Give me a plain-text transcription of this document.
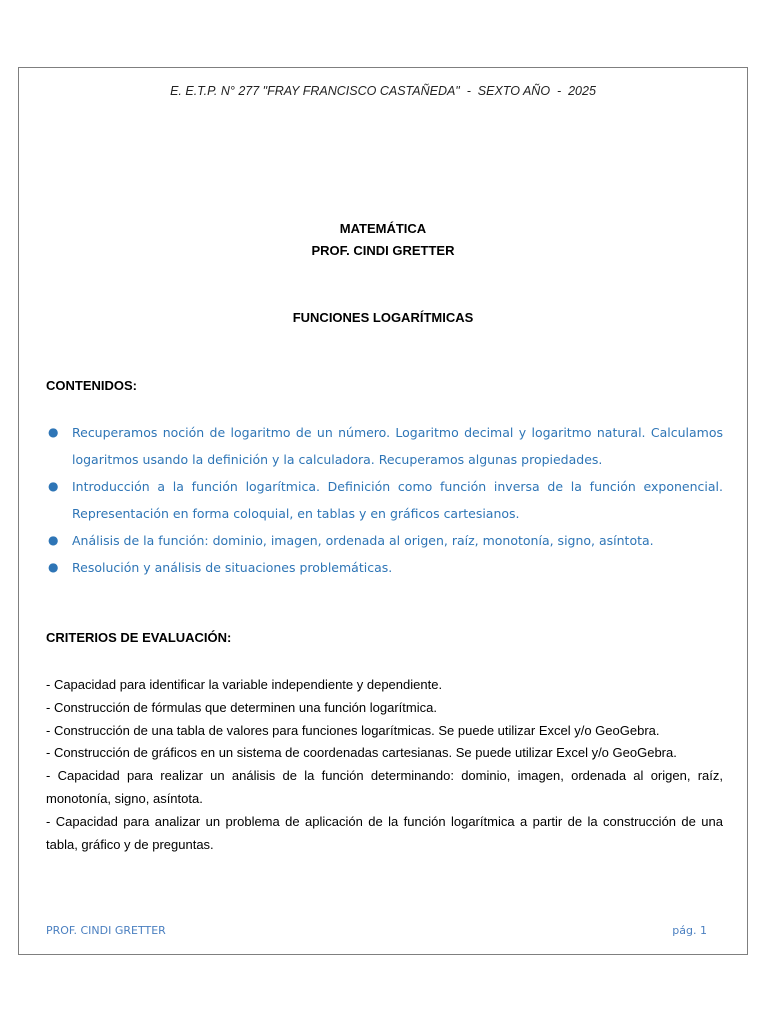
E. E.T.P. N° 277 "FRAY FRANCISCO CASTAÑEDA"  -  SEXTO AÑO  -  2025
MATEMÁTICA
PROF. CINDI GRETTER
FUNCIONES LOGARÍTMICAS
CONTENIDOS:
● Recuperamos noción de logaritmo de un número. Logaritmo decimal y logaritmo natural. Calculamos logaritmos usando la definición y la calculadora. Recuperamos algunas propiedades.
● Introducción a la función logarítmica. Definición como función inversa de la función exponencial. Representación en forma coloquial, en tablas y en gráficos cartesianos.
● Análisis de la función: dominio, imagen, ordenada al origen, raíz, monotonía, signo, asíntota.
● Resolución y análisis de situaciones problemáticas.
CRITERIOS DE EVALUACIÓN:
- Capacidad para identificar la variable independiente y dependiente.
- Construcción de fórmulas que determinen una función logarítmica.
- Construcción de una tabla de valores para funciones logarítmicas. Se puede utilizar Excel y/o GeoGebra.
- Construcción de gráficos en un sistema de coordenadas cartesianas. Se puede utilizar Excel y/o GeoGebra.
- Capacidad para realizar un análisis de la función determinando: dominio, imagen, ordenada al origen, raíz, monotonía, signo, asíntota.
- Capacidad para analizar un problema de aplicación de la función logarítmica a partir de la construcción de una tabla, gráfico y de preguntas.
PROF. CINDI GRETTER	pág. 1
